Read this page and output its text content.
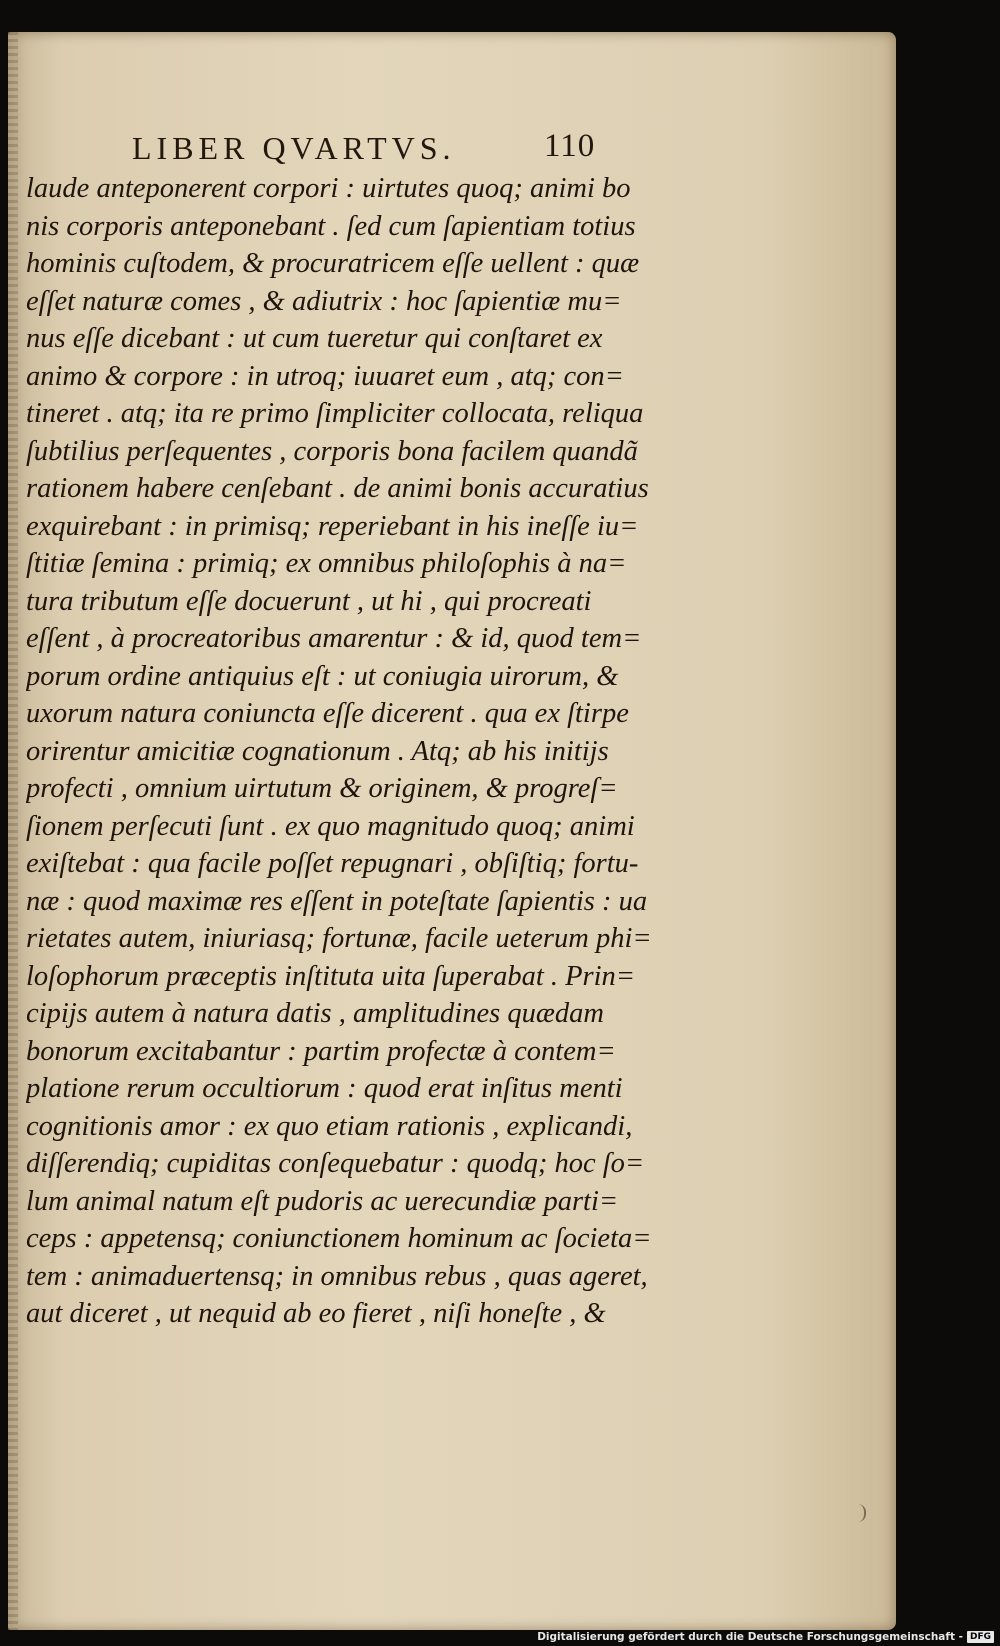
LIBER QVARTVS.	110
laude anteponerent corpori : uirtutes quoq; animi bo
nis corporis anteponebant . ſed cum ſapientiam totius
hominis cuſtodem, & procuratricem eſſe uellent : quæ
eſſet naturæ comes , & adiutrix : hoc ſapientiæ mu=
nus eſſe dicebant : ut cum tueretur qui conſtaret ex
animo & corpore : in utroq; iuuaret eum , atq; con=
tineret . atq; ita re primo ſimpliciter collocata, reliqua
ſubtilius perſequentes , corporis bona facilem quandã
rationem habere cenſebant . de animi bonis accuratius
exquirebant : in primisq; reperiebant in his ineſſe iu=
ſtitiæ ſemina : primiq; ex omnibus philoſophis à na=
tura tributum eſſe docuerunt , ut hi , qui procreati
eſſent , à procreatoribus amarentur : & id, quod tem=
porum ordine antiquius eſt : ut coniugia uirorum, &
uxorum natura coniuncta eſſe dicerent . qua ex ſtirpe
orirentur amicitiæ cognationum . Atq; ab his initijs
profecti , omnium uirtutum & originem, & progreſ=
ſionem perſecuti ſunt . ex quo magnitudo quoq; animi
exiſtebat : qua facile poſſet repugnari , obſiſtiq; fortu-
næ : quod maximæ res eſſent in poteſtate ſapientis : ua
rietates autem, iniuriasq; fortunæ, facile ueterum phi=
loſophorum præceptis inſtituta uita ſuperabat . Prin=
cipijs autem à natura datis , amplitudines quædam
bonorum excitabantur : partim profectæ à contem=
platione rerum occultiorum : quod erat inſitus menti
cognitionis amor : ex quo etiam rationis , explicandi,
diſſerendiq; cupiditas conſequebatur : quodq; hoc ſo=
lum animal natum eſt pudoris ac uerecundiæ parti=
ceps : appetensq; coniunctionem hominum ac ſocieta=
tem : animaduertensq; in omnibus rebus , quas ageret,
aut diceret , ut nequid ab eo fieret , niſi honeſte , &
Digitalisierung gefördert durch die Deutsche Forschungsgemeinschaft - DFG
